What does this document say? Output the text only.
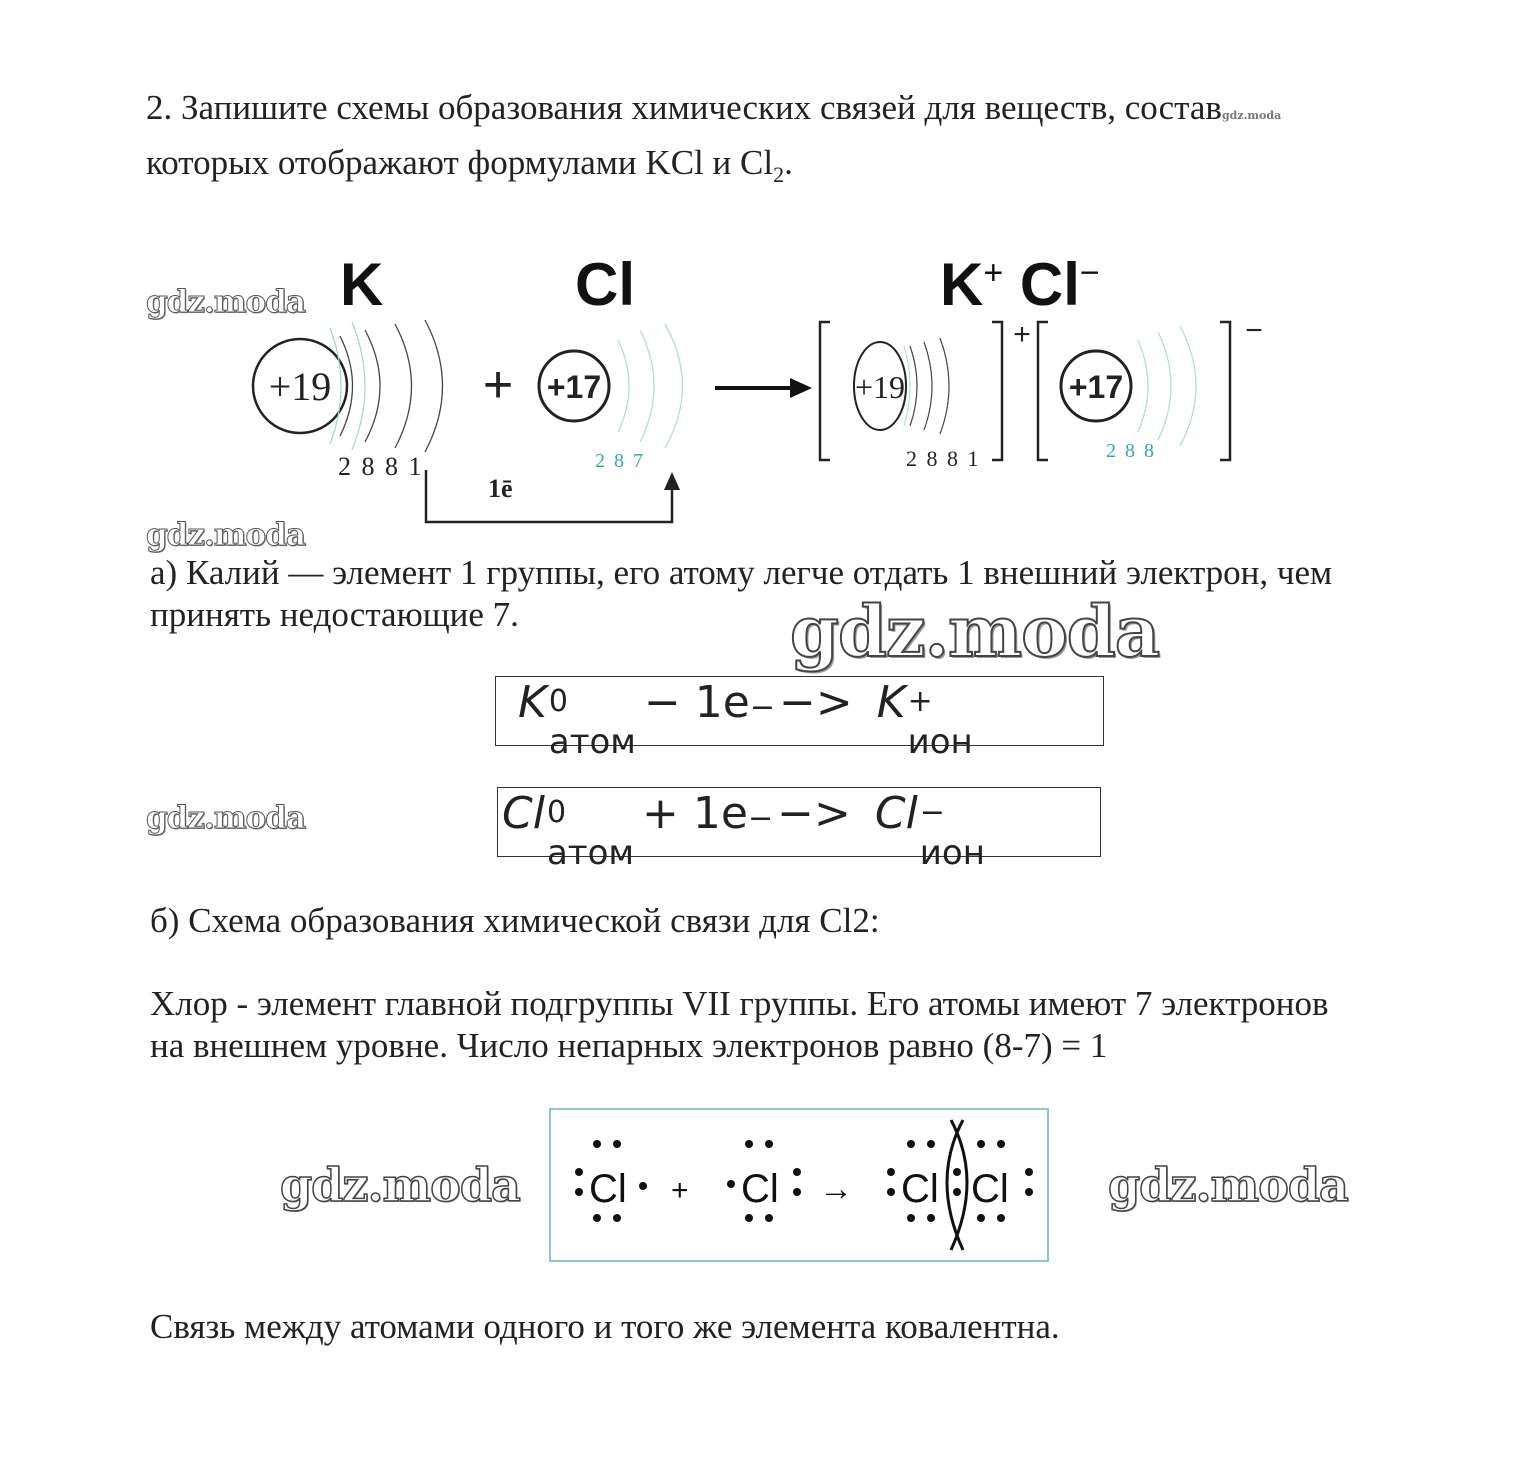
2. Запишите схемы образования химических связей для веществ, составgdz.moda
которых отображают формулами KCl и $Cl_2$.
gdz.moda
gdz.moda
gdz.moda
gdz.moda
gdz.moda	gdz.moda
K	Cl	K+ Cl−
+19	+ +17
+
+19
−
+17
2 8 8 1	2 8 7	2 8 8 1	2 8 8
1ē
а) Калий — элемент 1 группы, его атому легче отдать 1 внешний электрон, чем
принять недостающие 7.
K 0
атом
− 1e − −> K +
ион
Cl 0
атом
+ 1e − −> Cl −
ион
б) Схема образования химической связи для Cl2:
Хлор - элемент главной подгруппы VII группы. Его атомы имеют 7 электронов
на внешнем уровне. Число непарных электронов равно (8-7) = 1
Cl + Cl → Cl Cl
Связь между атомами одного и того же элемента ковалентна.
